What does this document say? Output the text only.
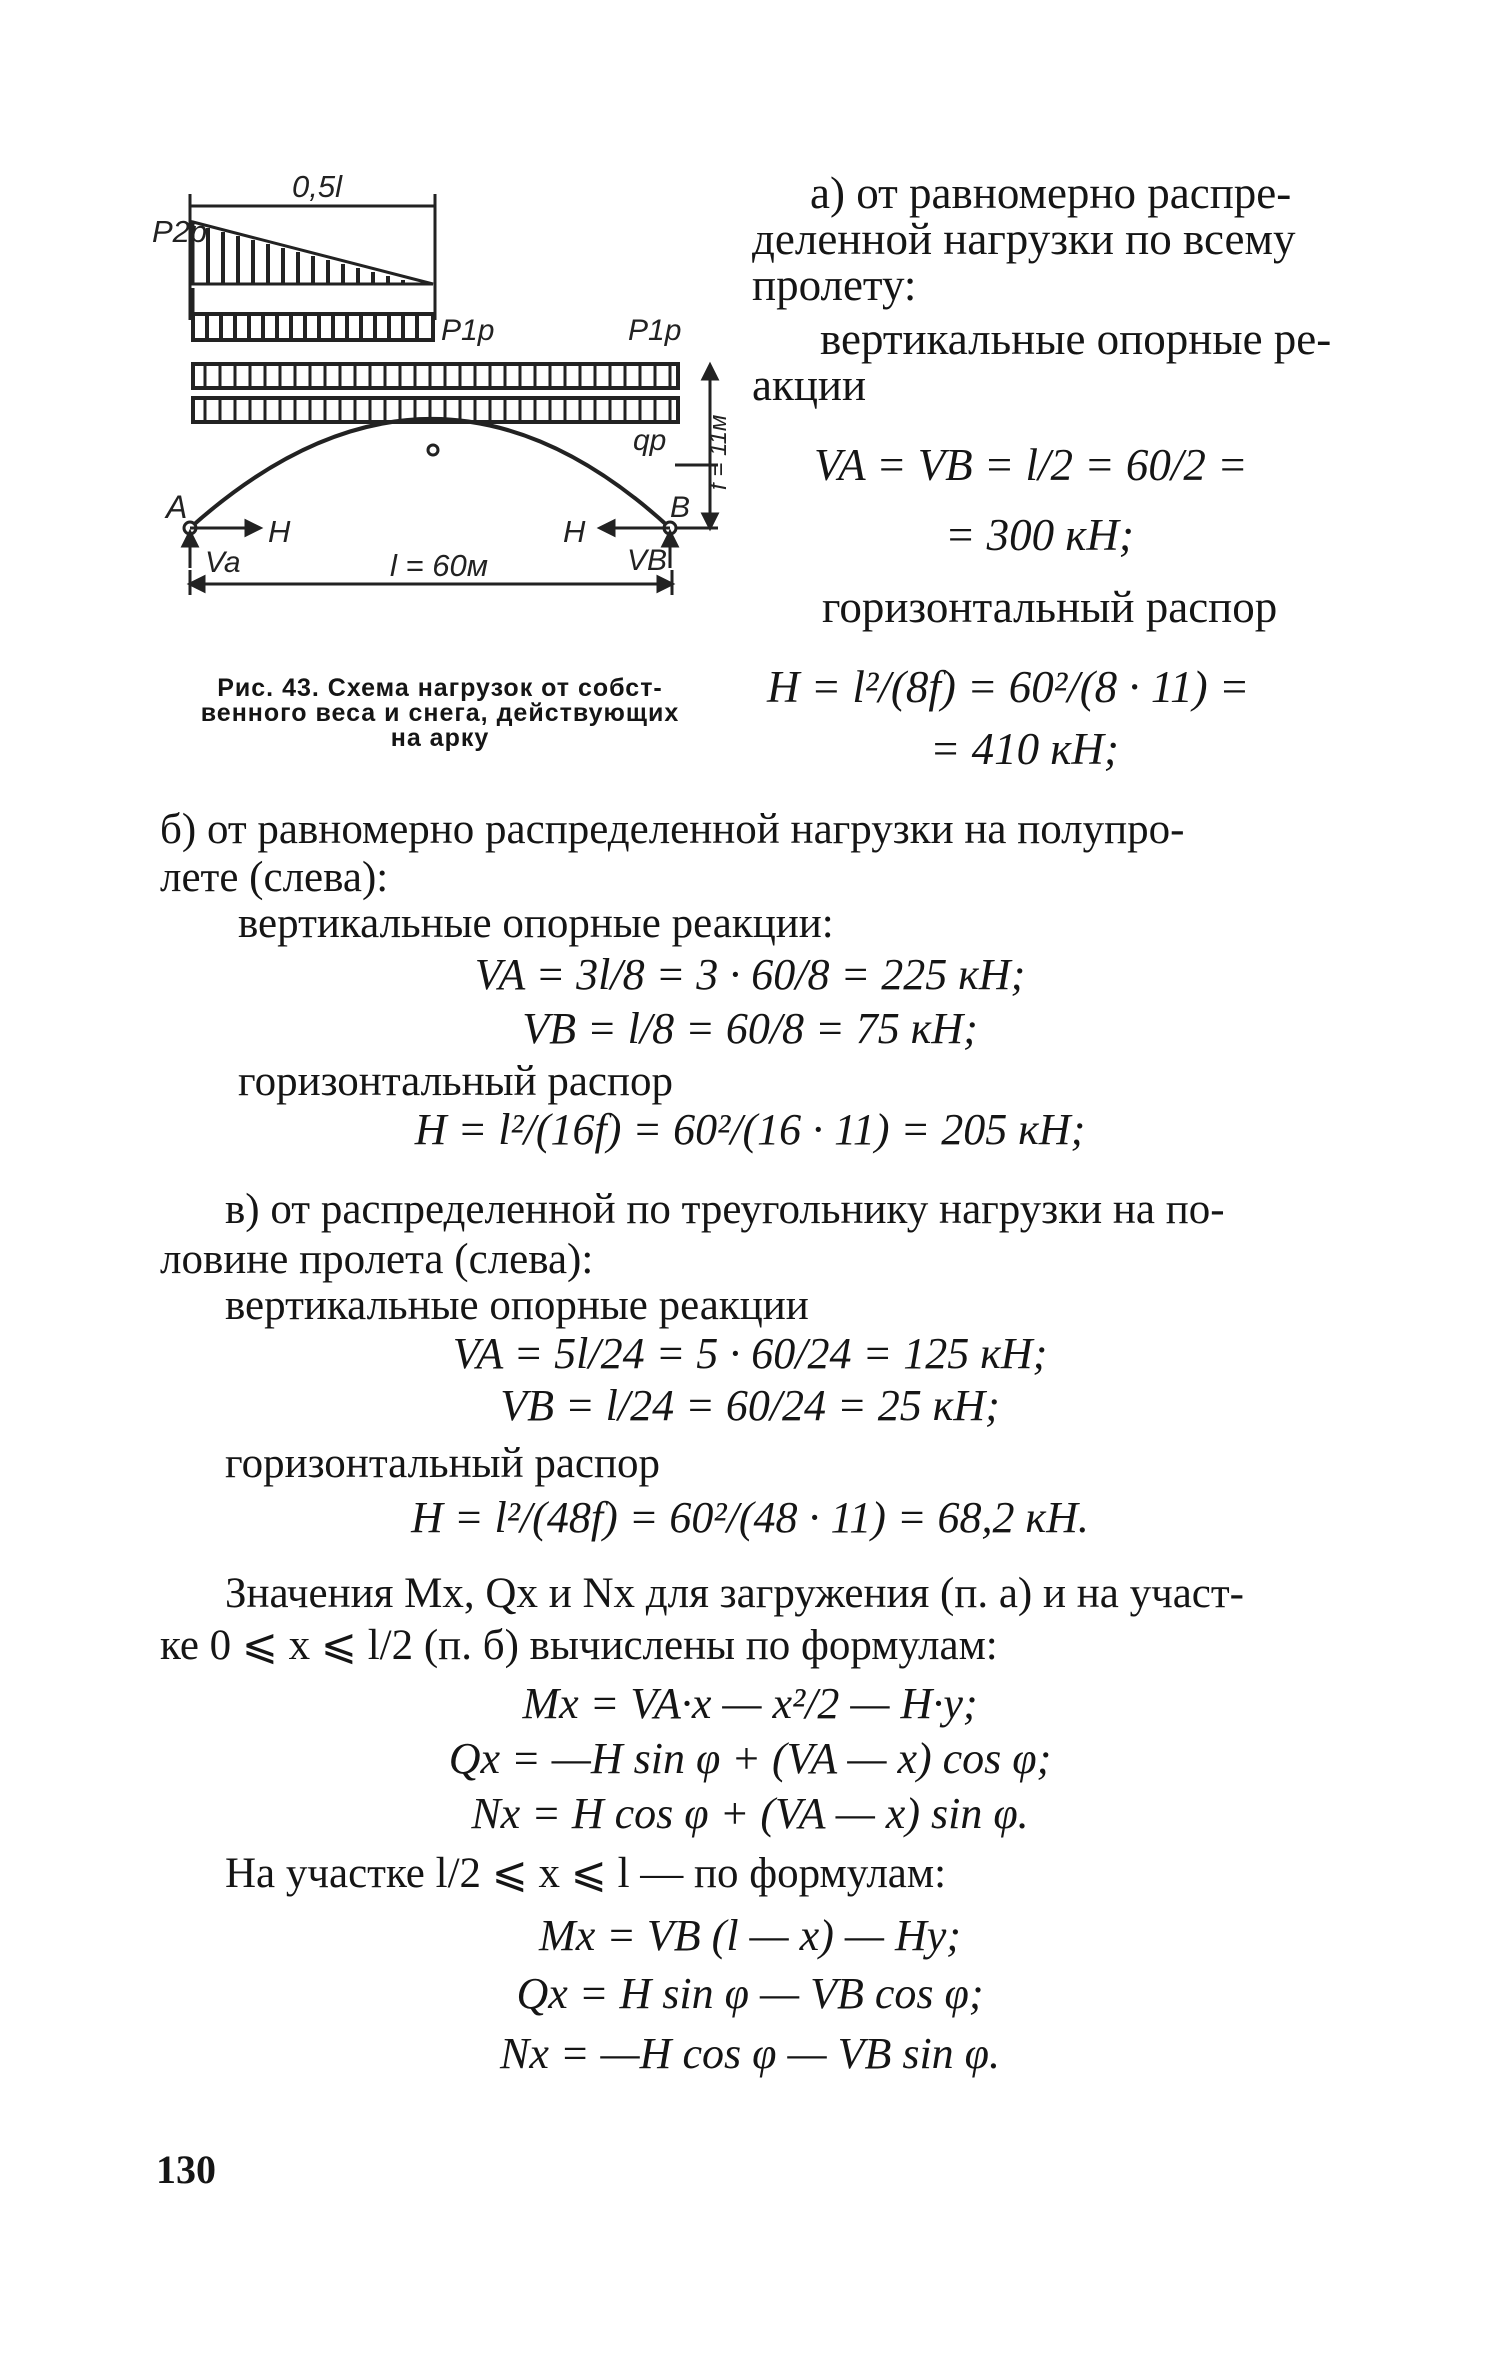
0,5l
P2p
P1p	P1p
qp f = 11м
A	B
H	H
Va	VB
l = 60м
Рис. 43. Схема нагрузок от собст-
венного веса и снега, действующих
на арку
а) от равномерно распре-
деленной нагрузки по всему
пролету:
вертикальные опорные ре-
акции
VA = VB = l/2 = 60/2 =
= 300 кН;
горизонтальный распор
H = l²/(8f) = 60²/(8 · 11) =
= 410 кН;
б) от равномерно распределенной нагрузки на полупро-
лете (слева):
вертикальные опорные реакции:
VA = 3l/8 = 3 · 60/8 = 225 кН;
VB = l/8 = 60/8 = 75 кН;
горизонтальный распор
H = l²/(16f) = 60²/(16 · 11) = 205 кН;
в) от распределенной по треугольнику нагрузки на по-
ловине пролета (слева):
вертикальные опорные реакции
VA = 5l/24 = 5 · 60/24 = 125 кН;
VB = l/24 = 60/24 = 25 кН;
горизонтальный распор
H = l²/(48f) = 60²/(48 · 11) = 68,2 кН.
Значения Mx, Qx и Nx для загружения (п. а) и на участ-
ке 0 ⩽ x ⩽ l/2 (п. б) вычислены по формулам:
Mx = VA·x — x²/2 — H·y;
Qx = —H sin φ + (VA — x) cos φ;
Nx = H cos φ + (VA — x) sin φ.
На участке l/2 ⩽ x ⩽ l — по формулам:
Mx = VB (l — x) — Hy;
Qx = H sin φ — VB cos φ;
Nx = —H cos φ — VB sin φ.
130
